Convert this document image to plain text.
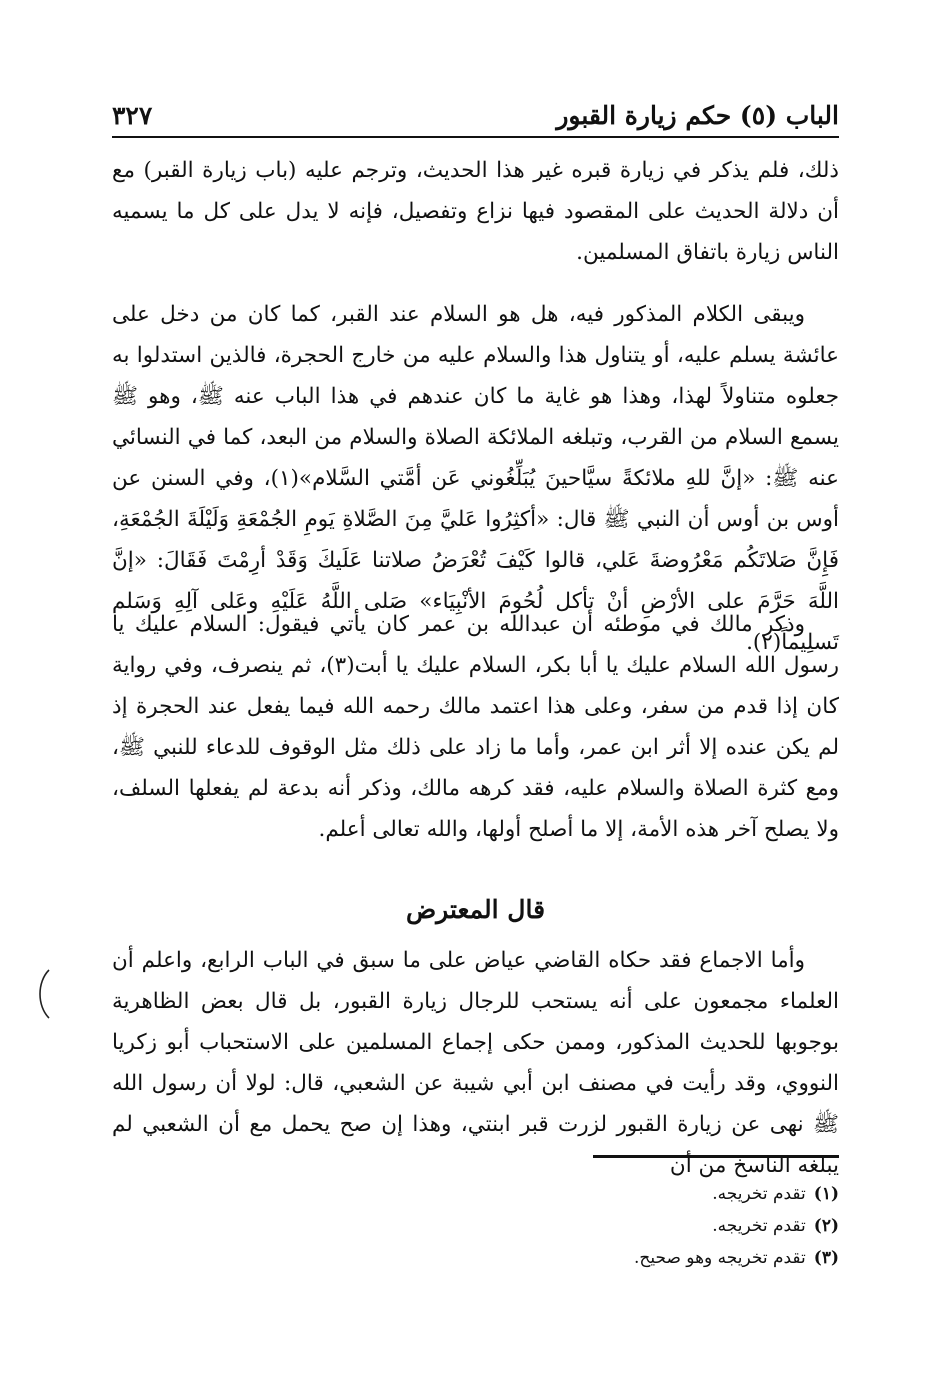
الباب (٥) حكم زيارة القبور
٣٢٧

ذلك، فلم يذكر في زيارة قبره غير هذا الحديث، وترجم عليه (باب زيارة القبر) مع أن دلالة الحديث على المقصود فيها نزاع وتفصيل، فإنه لا يدل على كل ما يسميه الناس زيارة باتفاق المسلمين.

ويبقى الكلام المذكور فيه، هل هو السلام عند القبر، كما كان من دخل على عائشة يسلم عليه، أو يتناول هذا والسلام عليه من خارج الحجرة، فالذين استدلوا به جعلوه متناولاً لهذا، وهذا هو غاية ما كان عندهم في هذا الباب عنه ﷺ، وهو ﷺ يسمع السلام من القرب، وتبلغه الملائكة الصلاة والسلام من البعد، كما في النسائي عنه ﷺ: «إنَّ للهِ ملائكةً سيَّاحينَ يُبَلِّغُوني عَن أمَّتي السَّلام»(١)، وفي السنن عن أوس بن أوس أن النبي ﷺ قال: «أكثِرُوا عَليَّ مِنَ الصَّلاةِ يَومِ الجُمْعَةِ وَلَيْلَةَ الجُمْعَةِ، فَإِنَّ صَلاتَكُم مَعْرُوضةَ عَلي، قالوا كَيْفَ تُعْرَضُ صلاتنا عَلَيكَ وَقَدْ أرِمْتَ فَقَالَ: «إنَّ اللَّهَ حَرَّمَ على الأرْضِ أنْ تأكل لُحُومَ الأنْبِيَاء» صَلى اللَّهُ عَلَيْهِ وعَلى آلِهِ وَسَلم تَسلِيماً(٢).

وذكر مالك في موطئه أن عبدالله بن عمر كان يأتي فيقول: السلام عليك يا رسول الله السلام عليك يا أبا بكر، السلام عليك يا أبت(٣)، ثم ينصرف، وفي رواية كان إذا قدم من سفر، وعلى هذا اعتمد مالك رحمه الله فيما يفعل عند الحجرة إذ لم يكن عنده إلا أثر ابن عمر، وأما ما زاد على ذلك مثل الوقوف للدعاء للنبي ﷺ، ومع كثرة الصلاة والسلام عليه، فقد كرهه مالك، وذكر أنه بدعة لم يفعلها السلف، ولا يصلح آخر هذه الأمة، إلا ما أصلح أولها، والله تعالى أعلم.

قال المعترض

وأما الاجماع فقد حكاه القاضي عياض على ما سبق في الباب الرابع، واعلم أن العلماء مجمعون على أنه يستحب للرجال زيارة القبور، بل قال بعض الظاهرية بوجوبها للحديث المذكور، وممن حكى إجماع المسلمين على الاستحباب أبو زكريا النووي، وقد رأيت في مصنف ابن أبي شيبة عن الشعبي، قال: لولا أن رسول الله ﷺ نهى عن زيارة القبور لزرت قبر ابنتي، وهذا إن صح يحمل مع أن الشعبي لم يبلغه الناسخ من أن

(١)تقدم تخريجه.
(٢)تقدم تخريجه.
(٣)تقدم تخريجه وهو صحيح.
